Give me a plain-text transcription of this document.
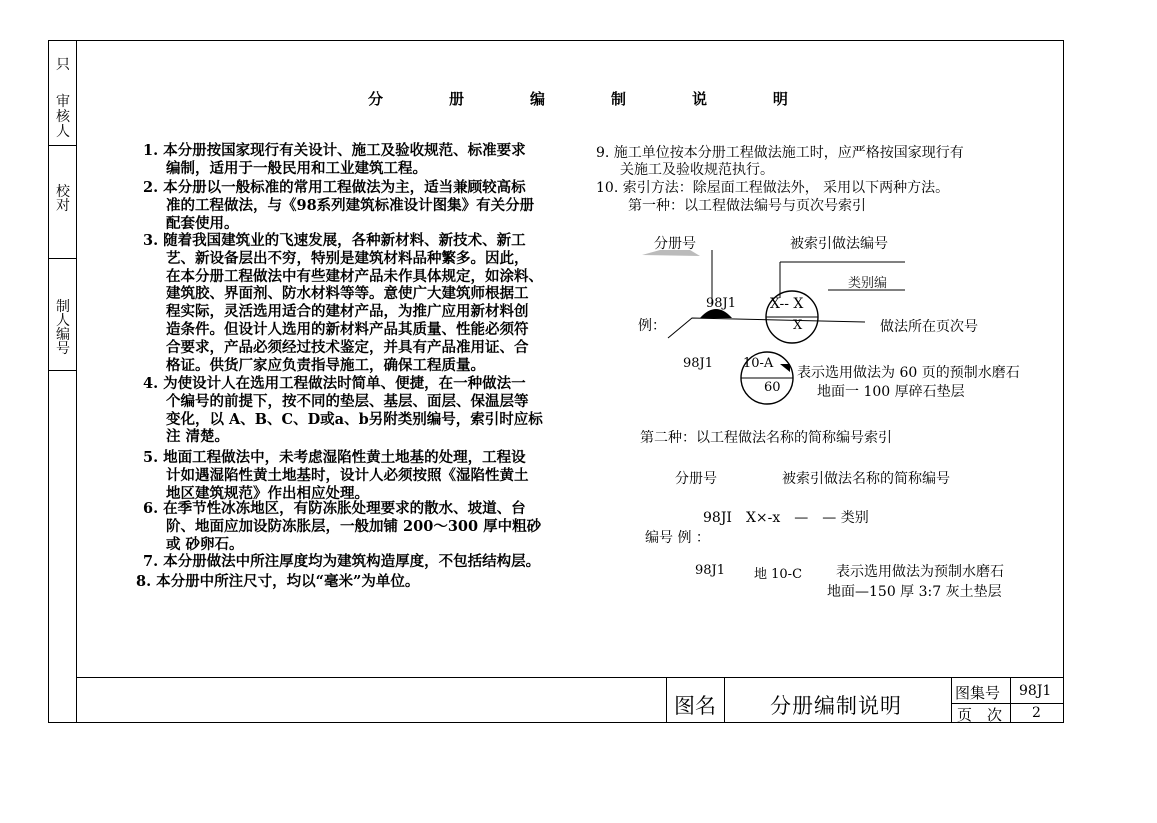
只
审核人
校对
制人编号
分	册	编	制	说	明
1. 本分册按国家现行有关设计、施工及验收规范、标准要求
编制，适用于一般民用和工业建筑工程。
2. 本分册以一般标准的常用工程做法为主，适当兼顾较高标
准的工程做法，与《98系列建筑标准设计图集》有关分册
配套使用。
3. 随着我国建筑业的飞速发展，各种新材料、新技术、新工
艺、新设备层出不穷，特别是建筑材料品种繁多。因此，
在本分册工程做法中有些建材产品未作具体规定，如涂料、
建筑胶、界面剂、防水材料等等。意使广大建筑师根据工
程实际，灵活选用适合的建材产品，为推广应用新材料创
造条件。但设计人选用的新材料产品其质量、性能必须符
合要求，产品必须经过技术鉴定，并具有产品准用证、合
格证。供货厂家应负责指导施工，确保工程质量。
4. 为使设计人在选用工程做法时简单、便捷，在一种做法一
个编号的前提下，按不同的垫层、基层、面层、保温层等
变化，以 A、B、C、D或a、b另附类别编号，索引时应标
注 清楚。
5. 地面工程做法中，未考虑湿陷性黄土地基的处理，工程设
计如遇湿陷性黄土地基时，设计人必须按照《湿陷性黄土
地区建筑规范》作出相应处理。
6. 在季节性冰冻地区，有防冻胀处理要求的散水、坡道、台
阶、地面应加设防冻胀层，一般加铺 200～300 厚中粗砂
或 砂卵石。
7. 本分册做法中所注厚度均为建筑构造厚度，不包括结构层。
8. 本分册中所注尺寸，均以“毫米”为单位。
9. 施工单位按本分册工程做法施工时，应严格按国家现行有
关施工及验收规范执行。
10. 索引方法：除屋面工程做法外， 采用以下两种方法。
第一种：以工程做法编号与页次号索引
分册号	被索引做法编号
类别编
98J1 X-- X
X
例：	做法所在页次号
98J1 10-A
60
表示选用做法为 60 页的预制水磨石
地面一 100 厚碎石垫层
第二种：以工程做法名称的简称编号索引
分册号	被索引做法名称的简称编号
98JI　X×-x　—　— 类别
编号 例 ：
98J1 地 10-C 表示选用做法为预制水磨石
地面—150 厚 3:7 灰土垫层
图名	分册编制说明
图集号 98J1
页　次 2
